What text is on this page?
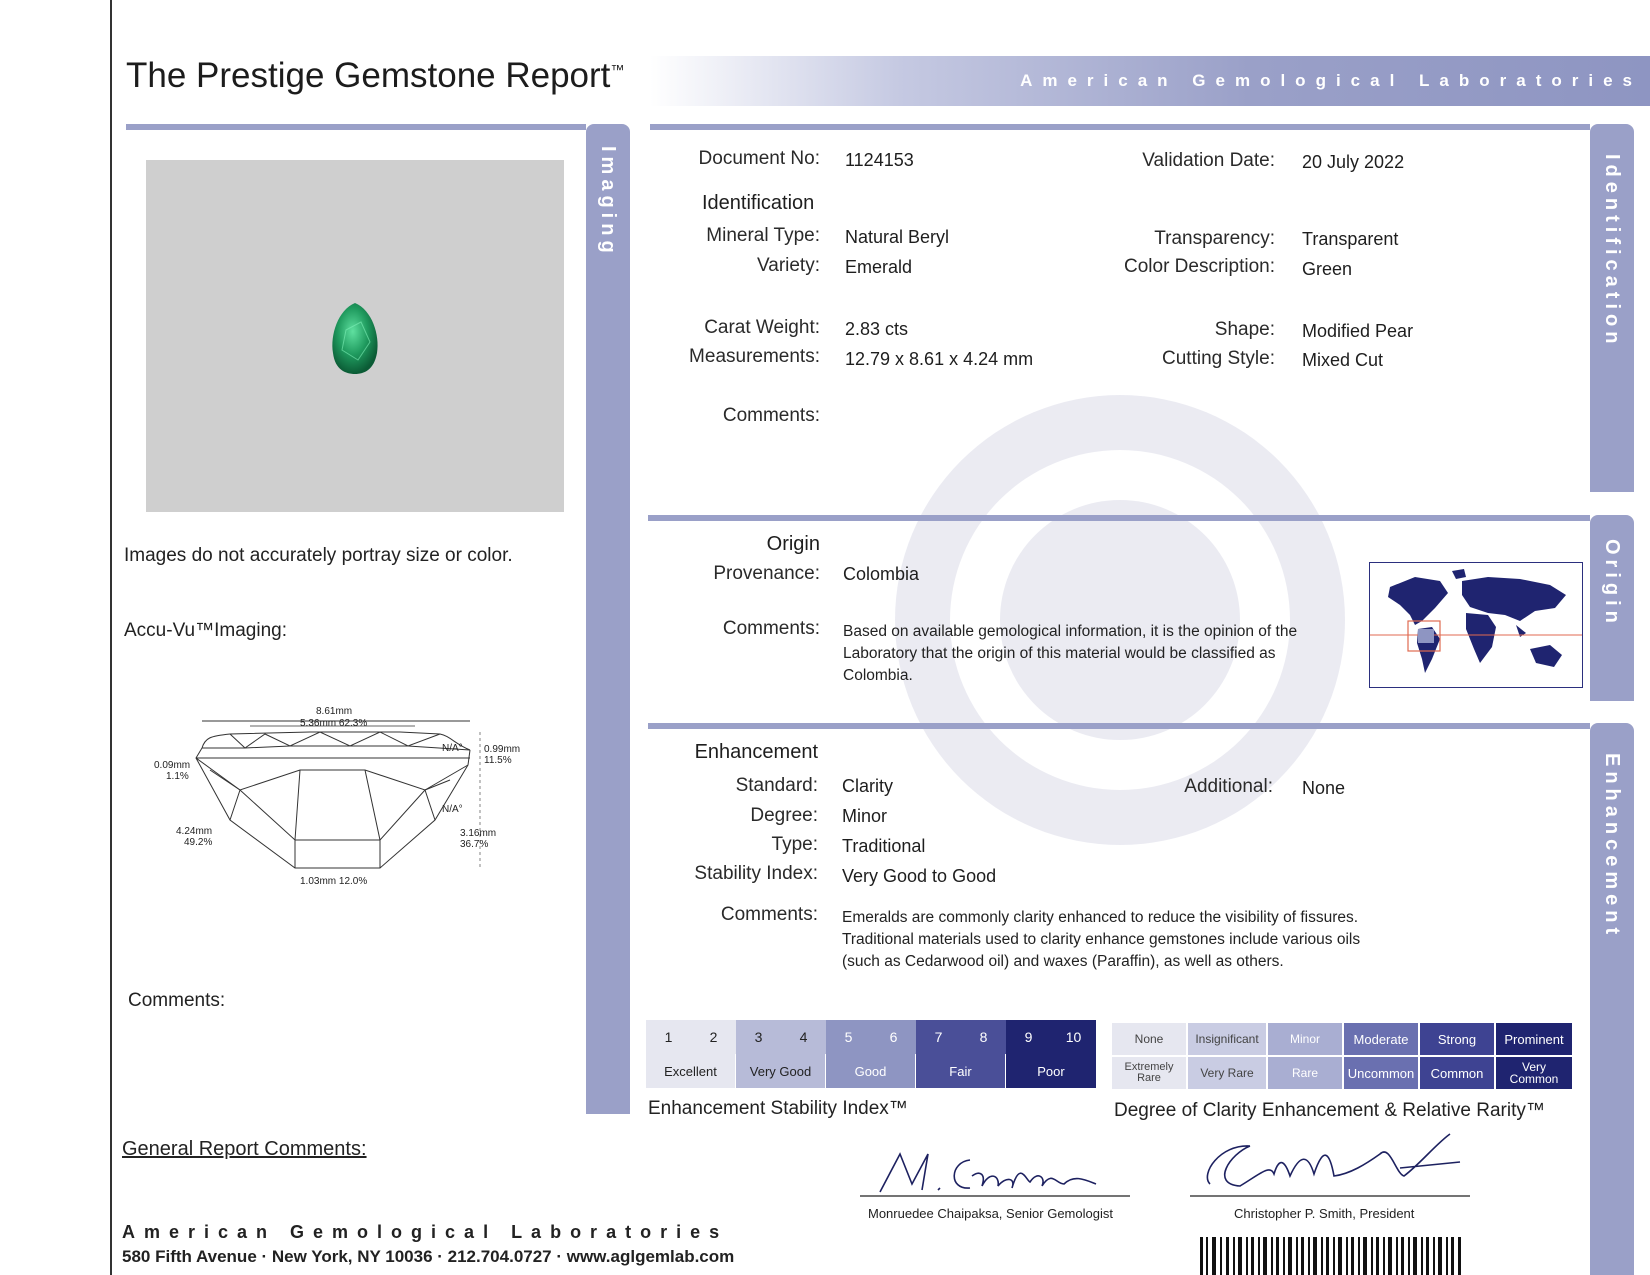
The Prestige Gemstone Report™
American Gemological Laboratories
Imaging
Images do not accurately portray size or color.
Accu-Vu™Imaging:
8.61mm
5.36mm 62.3%
0.09mm
1.1%
N/A° 0.99mm
11.5%
N/A°
4.24mm
49.2%
3.16mm
36.7%
1.03mm 12.0%
Comments:
Identification
Document No: 1124153	Validation Date: 20 July 2022
Identification
Mineral Type: Natural Beryl
Variety: Emerald
Transparency: Transparent
Color Description: Green
Carat Weight: 2.83 cts
Measurements: 12.79 x 8.61 x 4.24 mm
Shape: Modified Pear
Cutting Style: Mixed Cut
Comments:
Origin
Origin
Provenance: Colombia
Comments: Based on available gemological information, it is the opinion of the
Laboratory that the origin of this material would be classified as
Colombia.
Enhancement
Enhancement
Standard: Clarity	Additional: None
Degree: Minor
Type: Traditional
Stability Index: Very Good to Good
Comments: Emeralds are commonly clarity enhanced to reduce the visibility of fissures.
Traditional materials used to clarity enhance gemstones include various oils
(such as Cedarwood oil) and waxes (Paraffin), as well as others.
1	2	3	4	5	6	7	8	9	10
Excellent	Very Good	Good	Fair	Poor
Enhancement Stability Index™
None	Insignificant	Minor	Moderate	Strong	Prominent
Extremely Rare	Very Rare	Rare	Uncommon	Common	Very Common
Degree of Clarity Enhancement & Relative Rarity™
General Report Comments:
Monruedee Chaipaksa, Senior Gemologist	Christopher P. Smith, President
American Gemological Laboratories
580 Fifth Avenue · New York, NY 10036 · 212.704.0727 · www.aglgemlab.com
